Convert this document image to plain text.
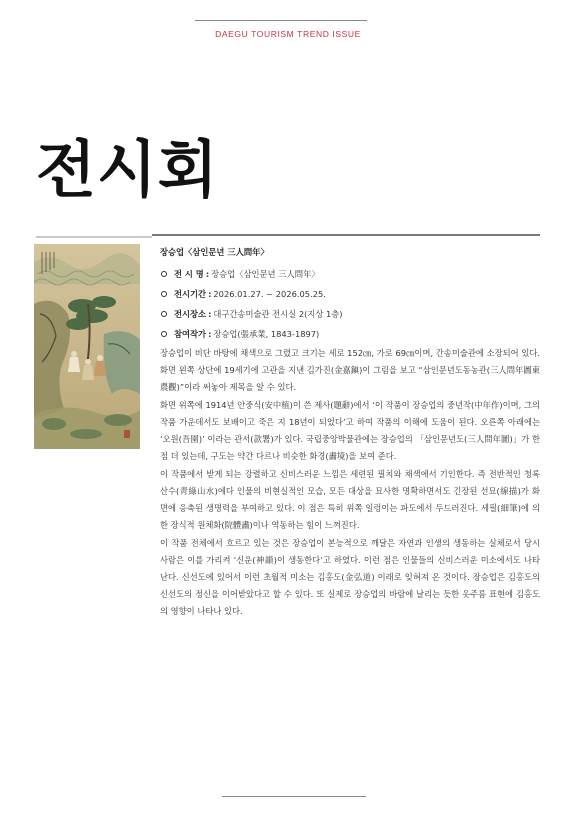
DAEGU TOURISM TREND ISSUE
전시회

장승업〈삼인문년 三人問年〉

전 시 명 : 장승업〈삼인문년 三人問年〉
전시기간 : 2026.01.27. ~ 2026.05.25.
전시장소 : 대구간송미술관 전시실 2(지상 1층)
참여작가 : 장승업(張承業, 1843-1897)

장승업이 비단 바탕에 채색으로 그렸고 크기는 세로 152㎝, 가로 69㎝이며, 간송미술관에 소장되어 있다. 화면 왼쪽 상단에 19세기에 고관을 지낸 김가진(金嘉鎭)이 그림을 보고 “삼인문년도동농관(三人問年圖東農觀)”이라 써놓아 제목을 알 수 있다.

화면 위쪽에 1914년 안중식(安中植)이 쓴 제사(題辭)에서 ‘이 작품이 장승업의 중년작(中年作)이며, 그의 작품 가운데서도 보배이고 죽은 지 18년이 되었다’고 하여 작품의 이해에 도움이 된다. 오른쪽 아래에는 ‘오원(吾園)’ 이라는 관서(款署)가 있다. 국립중앙박물관에는 장승업의 「삼인문년도(三人問年圖)」가 한 점 더 있는데, 구도는 약간 다르나 비슷한 화경(畵境)을 보여 준다.

이 작품에서 받게 되는 강렬하고 신비스러운 느낌은 세련된 필치와 채색에서 기인한다. 즉 전반적인 청록산수(靑綠山水)에다 인물의 비현실적인 모습, 모든 대상을 묘사한 명확하면서도 긴장된 선묘(線描)가 화면에 응축된 생명력을 부여하고 있다. 이 점은 특히 위쪽 일렁이는 파도에서 두드러진다. 세필(細筆)에 의한 장식적 원체화(院體畵)이나 역동하는 힘이 느껴진다.

이 작품 전체에서 흐르고 있는 것은 장승업이 본능적으로 깨달은 자연과 인생의 생동하는 실체로서 당시 사람은 이를 가리켜 ‘신운(神韻)이 생동한다’고 하였다. 이런 점은 인물들의 신비스러운 미소에서도 나타난다. 신선도에 있어서 이런 초월적 미소는 김홍도(金弘道) 이래로 잊혀져 온 것이다. 장승업은 김홍도의 신선도의 정신을 이어받았다고 할 수 있다. 또 실제로 장승업의 바람에 날리는 듯한 옷주름 표현에 김홍도의 영향이 나타나 있다.
